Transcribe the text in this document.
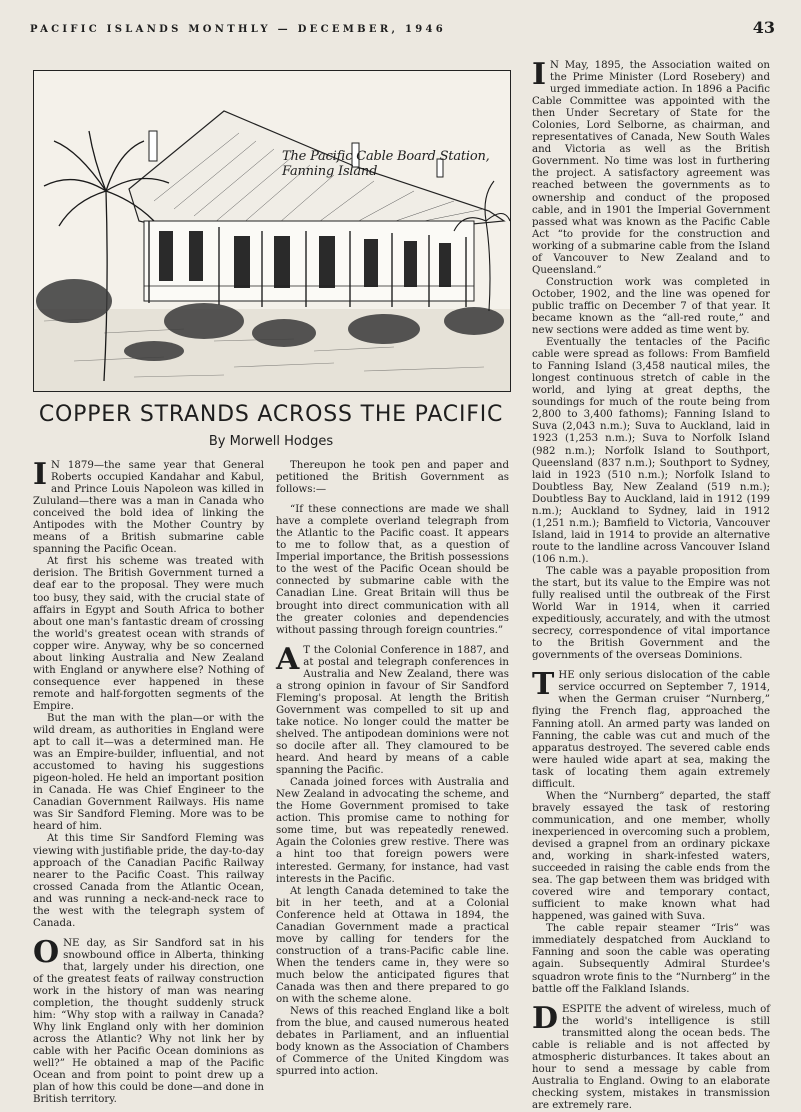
PACIFIC ISLANDS MONTHLY — DECEMBER, 1946	43
The Pacific Cable Board Station, Fanning Island
COPPER STRANDS ACROSS THE PACIFIC
By Morwell Hodges

I N 1879—the same year that General Roberts occupied Kandahar and Kabul, and Prince Louis Napoleon was killed in Zululand—there was a man in Canada who conceived the bold idea of linking the Antipodes with the Mother Country by means of a British submarine cable spanning the Pacific Ocean.

At first his scheme was treated with derision. The British Government turned a deaf ear to the proposal. They were much too busy, they said, with the crucial state of affairs in Egypt and South Africa to bother about one man's fantastic dream of crossing the world's greatest ocean with strands of copper wire. Anyway, why be so concerned about linking Australia and New Zealand with England or anywhere else? Nothing of consequence ever happened in these remote and half-forgotten segments of the Empire.

But the man with the plan—or with the wild dream, as authorities in England were apt to call it—was a determined man. He was an Empire-builder, influential, and not accustomed to having his suggestions pigeon-holed. He held an important position in Canada. He was Chief Engineer to the Canadian Government Railways. His name was Sir Sandford Fleming. More was to be heard of him.

At this time Sir Sandford Fleming was viewing with justifiable pride, the day-to-day approach of the Canadian Pacific Railway nearer to the Pacific Coast. This railway crossed Canada from the Atlantic Ocean, and was running a neck-and-neck race to the west with the telegraph system of Canada.

ONE day, as Sir Sandford sat in his snowbound office in Alberta, thinking that, largely under his direction, one of the greatest feats of railway construction work in the history of man was nearing completion, the thought suddenly struck him: “Why stop with a railway in Canada? Why link England only with her dominion across the Atlantic? Why not link her by cable with her Pacific Ocean dominions as well?” He obtained a map of the Pacific Ocean and from point to point drew up a plan of how this could be done—and done in British territory.

Thereupon he took pen and paper and petitioned the British Government as follows:—

“If these connections are made we shall have a complete overland telegraph from the Atlantic to the Pacific coast. It appears to me to follow that, as a question of Imperial importance, the British possessions to the west of the Pacific Ocean should be connected by submarine cable with the Canadian Line. Great Britain will thus be brought into direct communication with all the greater colonies and dependencies without passing through foreign countries.”

A T the Colonial Conference in 1887, and at postal and telegraph conferences in Australia and New Zealand, there was a strong opinion in favour of Sir Sandford Fleming's proposal. At length the British Government was compelled to sit up and take notice. No longer could the matter be shelved. The antipodean dominions were not so docile after all. They clamoured to be heard. And heard by means of a cable spanning the Pacific.

Canada joined forces with Australia and New Zealand in advocating the scheme, and the Home Government promised to take action. This promise came to nothing for some time, but was repeatedly renewed. Again the Colonies grew restive. There was a hint too that foreign powers were interested. Germany, for instance, had vast interests in the Pacific.

At length Canada detemined to take the bit in her teeth, and at a Colonial Conference held at Ottawa in 1894, the Canadian Government made a practical move by calling for tenders for the construction of a trans-Pacific cable line. When the tenders came in, they were so much below the anticipated figures that Canada was then and there prepared to go on with the scheme alone.

News of this reached England like a bolt from the blue, and caused numerous heated debates in Parliament, and an influential body known as the Association of Chambers of Commerce of the United Kingdom was spurred into action.

I N May, 1895, the Association waited on the Prime Minister (Lord Rosebery) and urged immediate action. In 1896 a Pacific Cable Committee was appointed with the then Under Secretary of State for the Colonies, Lord Selborne, as chairman, and representatives of Canada, New South Wales and Victoria as well as the British Government. No time was lost in furthering the project. A satisfactory agreement was reached between the governments as to ownership and conduct of the proposed cable, and in 1901 the Imperial Government passed what was known as the Pacific Cable Act “to provide for the construction and working of a submarine cable from the Island of Vancouver to New Zealand and to Queensland.”

Construction work was completed in October, 1902, and the line was opened for public traffic on December 7 of that year. It became known as the “all-red route,” and new sections were added as time went by.

Eventually the tentacles of the Pacific cable were spread as follows: From Bamfield to Fanning Island (3,458 nautical miles, the longest continuous stretch of cable in the world, and lying at great depths, the soundings for much of the route being from 2,800 to 3,400 fathoms); Fanning Island to Suva (2,043 n.m.); Suva to Auckland, laid in 1923 (1,253 n.m.); Suva to Norfolk Island (982 n.m.); Norfolk Island to Southport, Queensland (837 n.m.); Southport to Sydney, laid in 1923 (510 n.m.); Norfolk Island to Doubtless Bay, New Zealand (519 n.m.); Doubtless Bay to Auckland, laid in 1912 (199 n.m.); Auckland to Sydney, laid in 1912 (1,251 n.m.); Bamfield to Victoria, Vancouver Island, laid in 1914 to provide an alternative route to the landline across Vancouver Island (106 n.m.).

The cable was a payable proposition from the start, but its value to the Empire was not fully realised until the outbreak of the First World War in 1914, when it carried expeditiously, accurately, and with the utmost secrecy, correspondence of vital importance to the British Government and the governments of the overseas Dominions.

THE only serious dislocation of the cable service occurred on September 7, 1914, when the German cruiser “Nurnberg,” flying the French flag, approached the Fanning atoll. An armed party was landed on Fanning, the cable was cut and much of the apparatus destroyed. The severed cable ends were hauled wide apart at sea, making the task of locating them again extremely difficult.

When the “Nurnberg” departed, the staff bravely essayed the task of restoring communication, and one member, wholly inexperienced in overcoming such a problem, devised a grapnel from an ordinary pickaxe and, working in shark-infested waters, succeeded in raising the cable ends from the sea. The gap between them was bridged with covered wire and temporary contact, sufficient to make known what had happened, was gained with Suva.

The cable repair steamer “Iris” was immediately despatched from Auckland to Fanning and soon the cable was operating again. Subsequently Admiral Sturdee's squadron wrote finis to the “Nurnberg” in the battle off the Falkland Islands.

DESPITE the advent of wireless, much of the world's intelligence is still transmitted along the ocean beds. The cable is reliable and is not affected by atmospheric disturbances. It takes about an hour to send a message by cable from Australia to England. Owing to an elaborate checking system, mistakes in transmission are extremely rare.
